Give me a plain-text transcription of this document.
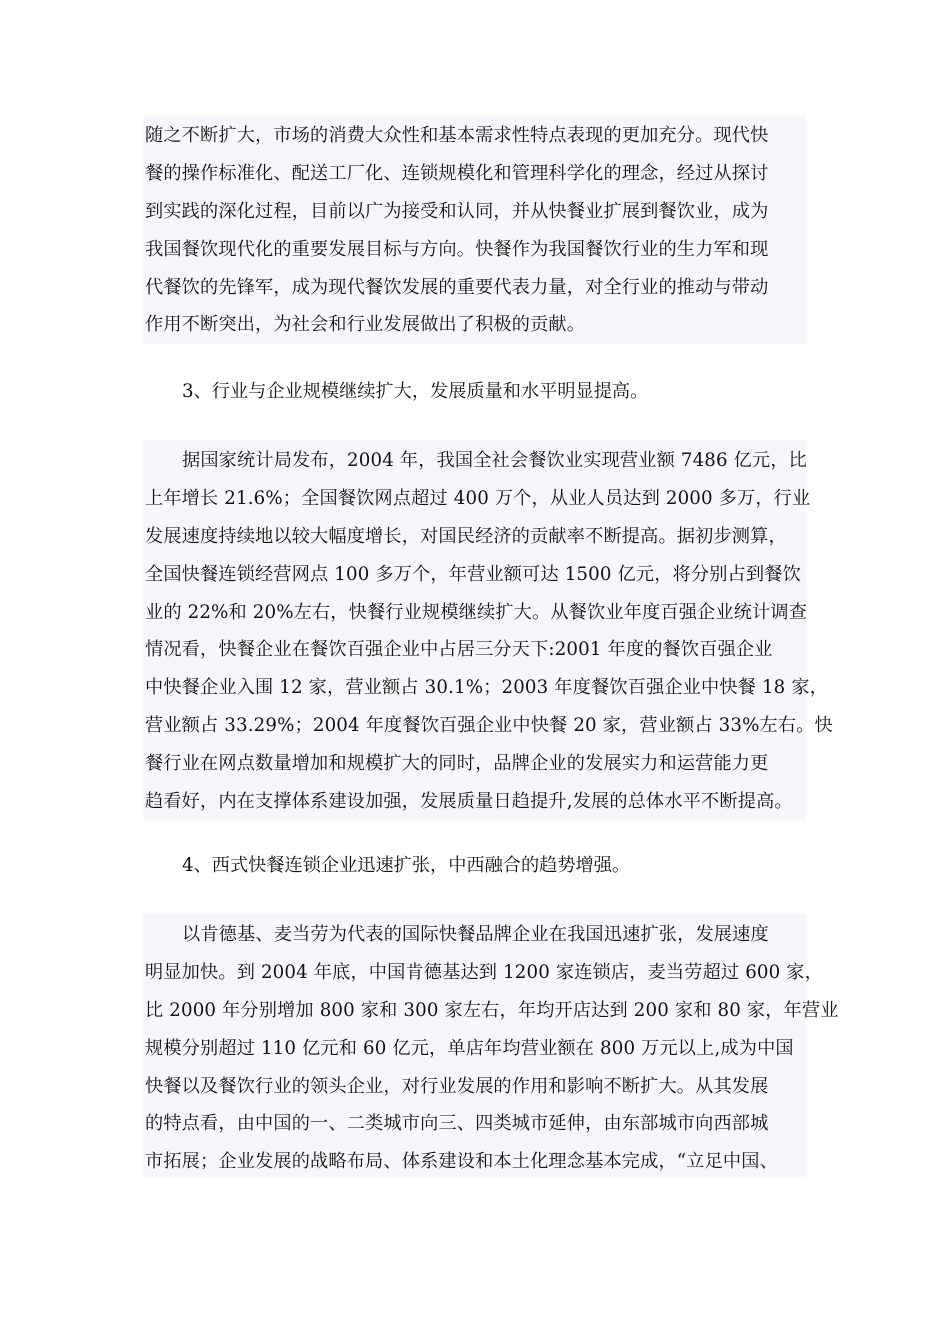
随之不断扩大，市场的消费大众性和基本需求性特点表现的更加充分。现代快
餐的操作标准化、配送工厂化、连锁规模化和管理科学化的理念，经过从探讨
到实践的深化过程，目前以广为接受和认同，并从快餐业扩展到餐饮业，成为
我国餐饮现代化的重要发展目标与方向。快餐作为我国餐饮行业的生力军和现
代餐饮的先锋军，成为现代餐饮发展的重要代表力量，对全行业的推动与带动
作用不断突出，为社会和行业发展做出了积极的贡献。
3、行业与企业规模继续扩大，发展质量和水平明显提高。
据国家统计局发布，2004 年，我国全社会餐饮业实现营业额 7486 亿元，比
上年增长 21.6%；全国餐饮网点超过 400 万个，从业人员达到 2000 多万，行业
发展速度持续地以较大幅度增长，对国民经济的贡献率不断提高。据初步测算，
全国快餐连锁经营网点 100 多万个，年营业额可达 1500 亿元，将分别占到餐饮
业的 22%和 20%左右，快餐行业规模继续扩大。从餐饮业年度百强企业统计调查
情况看，快餐企业在餐饮百强企业中占居三分天下:2001 年度的餐饮百强企业
中快餐企业入围 12 家，营业额占 30.1%；2003 年度餐饮百强企业中快餐 18 家，
营业额占 33.29%；2004 年度餐饮百强企业中快餐 20 家，营业额占 33%左右。快
餐行业在网点数量增加和规模扩大的同时，品牌企业的发展实力和运营能力更
趋看好，内在支撑体系建设加强，发展质量日趋提升,发展的总体水平不断提高。
4、西式快餐连锁企业迅速扩张，中西融合的趋势增强。
以肯德基、麦当劳为代表的国际快餐品牌企业在我国迅速扩张，发展速度
明显加快。到 2004 年底，中国肯德基达到 1200 家连锁店，麦当劳超过 600 家，
比 2000 年分别增加 800 家和 300 家左右，年均开店达到 200 家和 80 家，年营业
规模分别超过 110 亿元和 60 亿元，单店年均营业额在 800 万元以上,成为中国
快餐以及餐饮行业的领头企业，对行业发展的作用和影响不断扩大。从其发展
的特点看，由中国的一、二类城市向三、四类城市延伸，由东部城市向西部城
市拓展；企业发展的战略布局、体系建设和本土化理念基本完成，“立足中国、
